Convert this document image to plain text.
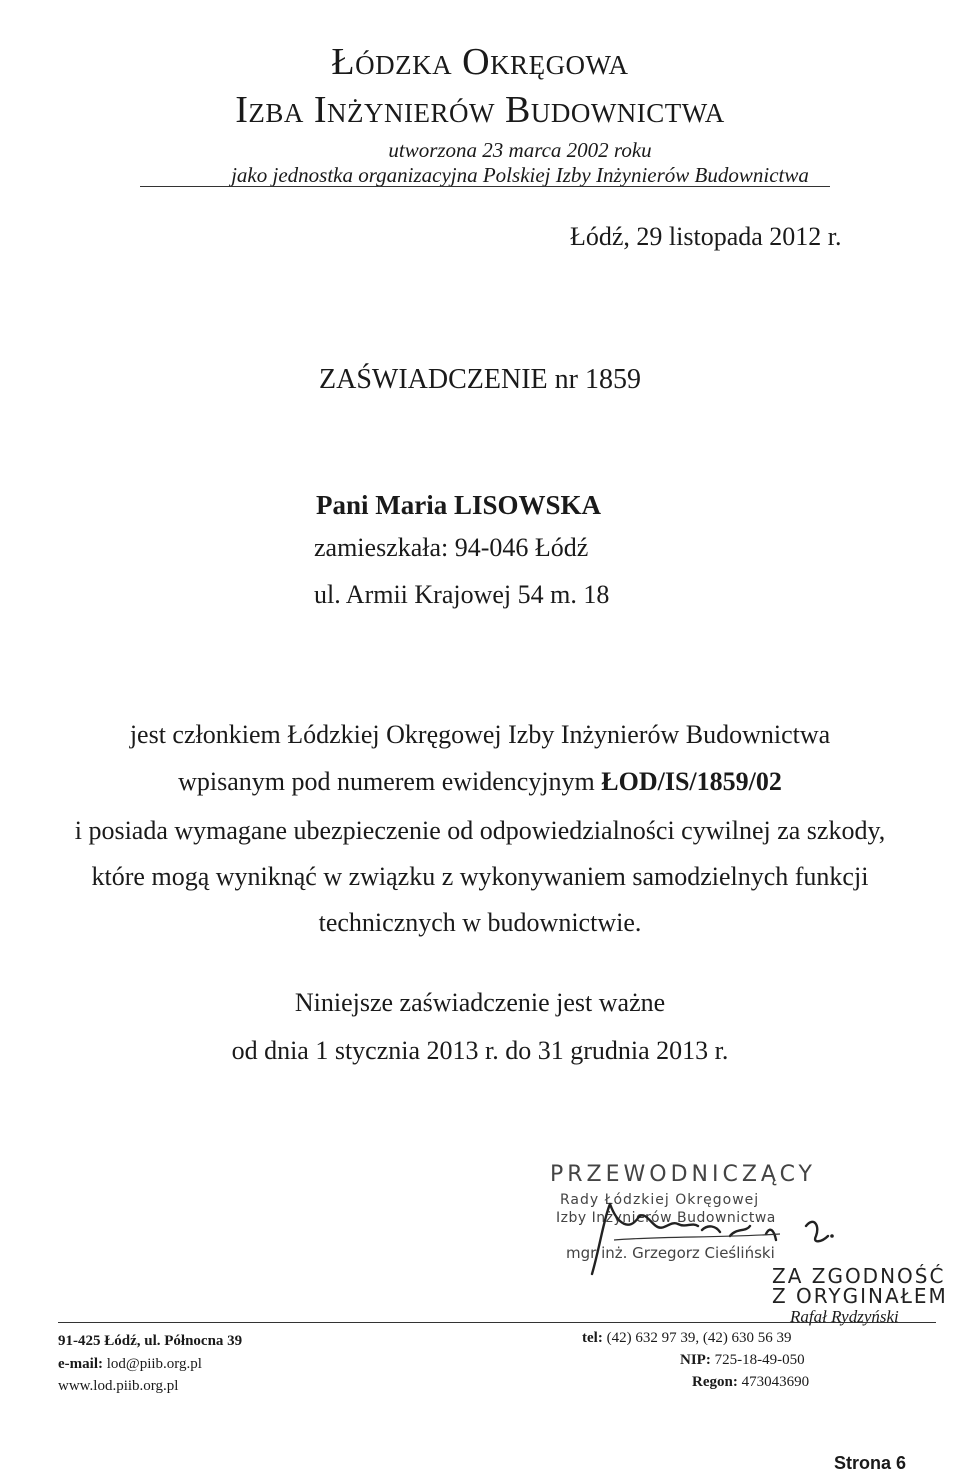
Łódzka Okręgowa
Izba Inżynierów Budownictwa
utworzona 23 marca 2002 roku
jako jednostka organizacyjna Polskiej Izby Inżynierów Budownictwa
Łódź, 29 listopada 2012 r.
ZAŚWIADCZENIE nr 1859
Pani Maria LISOWSKA
zamieszkała: 94-046 Łódź
ul. Armii Krajowej 54 m. 18
jest członkiem Łódzkiej Okręgowej Izby Inżynierów Budownictwa
wpisanym pod numerem ewidencyjnym ŁOD/IS/1859/02
i posiada wymagane ubezpieczenie od odpowiedzialności cywilnej za szkody,
które mogą wyniknąć w związku z wykonywaniem samodzielnych funkcji
technicznych w budownictwie.
Niniejsze zaświadczenie jest ważne
od dnia 1 stycznia 2013 r. do 31 grudnia 2013 r.
PRZEWODNICZĄCY
Rady Łódzkiej Okręgowej
Izby Inżynierów Budownictwa
mgr inż. Grzegorz Cieśliński
ZA ZGODNOŚĆ
Z ORYGINAŁEM
Rafał Rydzyński
91-425 Łódź, ul. Północna 39
e-mail: lod@piib.org.pl
www.lod.piib.org.pl
tel: (42) 632 97 39, (42) 630 56 39
NIP: 725-18-49-050
Regon: 473043690
Strona 6
